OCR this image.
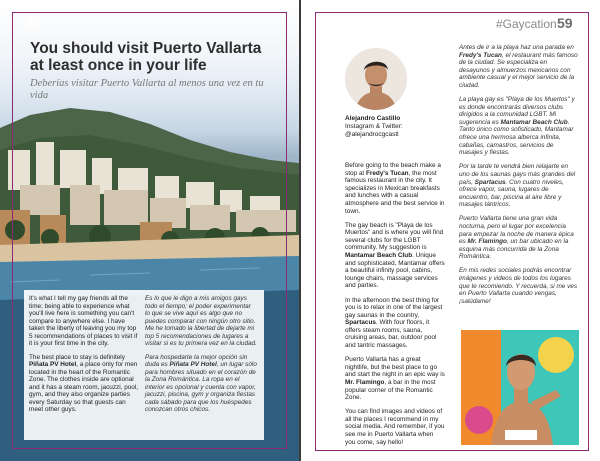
58
You should visit Puerto Vallarta at least once in your life
Deberías visitar Puerto Vallarta al menos una vez en tu vida

It's what I tell my gay friends all the time; being able to experience what you'll live here is something you can't compare to anywhere else. I have taken the liberty of leaving you my top 5 recommendations of places to visit if it is your first time in the city.

The best place to stay is definitely Piñata PV Hotel, a place only for men located in the heart of the Romantic Zone. The clothes inside are optional and it has a steam room, jacuzzi, pool, gym, and they also organize parties every Saturday so that guests can meet other guys.

Es lo que le digo a mis amigos gays todo el tiempo; el poder experimentar lo que se vive aquí es algo que no puedes comparar con ningún otro sitio. Me he tomado la libertad de dejarte mi top 5 recomendaciones de lugares a visitar si es tu primera vez en la ciudad.

Para hospedarte la mejor opción sin duda es Piñata PV Hotel, un lugar sólo para hombres situado en el corazón de la Zona Romántica. La ropa en el interior es opcional y cuenta con vapor, jacuzzi, piscina, gym y organiza fiestas cada sábado para que los huéspedes conozcan otros chicos.

#Gaycation 59
Alejandro Castillo
Instagram & Twitter:
@alejandrocgcastl

Before going to the beach make a stop at Fredy's Tucan, the most famous restaurant in the city. It specializes in Mexican breakfasts and lunches with a casual atmosphere and the best service in town.

The gay beach is "Playa de los Muertos" and is where you will find several clubs for the LGBT community. My suggestion is Mantamar Beach Club. Unique and sophisticated, Mantamar offers a beautiful infinity pool, cabins, lounge chairs, massage services and parties.

In the afternoon the best thing for you is to relax in one of the largest gay saunas in the country, Spartacus. With four floors, it offers steam rooms, sauna, cruising areas, bar, outdoor pool and tantric massages.

Puerto Vallarta has a great nightlife, but the best place to go and start the night in an epic way is Mr. Flamingo, a bar in the most popular corner of the Romantic Zone.

You can find images and videos of all the places I recommend in my social media. And remember, if you see me in Puerto Vallarta when you come, say hello!

Antes de ir a la playa haz una parada en Fredy's Tucan, el restaurant más famoso de la ciudad. Se especializa en desayunos y almuerzos mexicanos con ambiente casual y el mejor servicio de la ciudad.

La playa gay es "Playa de los Muertos" y es donde encontrarás diversos clubs dirigidos a la comunidad LGBT. Mi sugerencia es Mantamar Beach Club. Tanto único como sofisticado, Mantamar ofrece una hermosa alberca infinita, cabañas, camastros, servicios de masajes y fiestas.

Por la tarde te vendrá bien relajarte en uno de los saunas gays más grandes del país, Spartacus. Con cuatro niveles, ofrece vapor, sauna, lugares de encuentro, bar, piscina al aire libre y masajes tántricos.

Puerto Vallarta tiene una gran vida nocturna, pero el lugar por excelencia para empezar la noche de manera épica es Mr. Flamingo, un bar ubicado en la esquina más concurrida de la Zona Romántica.

En mis redes sociales podrás encontrar imágenes y videos de todos los lugares que te recomiendo. Y recuerda, si me ves en Puerto Vallarta cuando vengas, ¡salúdame!
